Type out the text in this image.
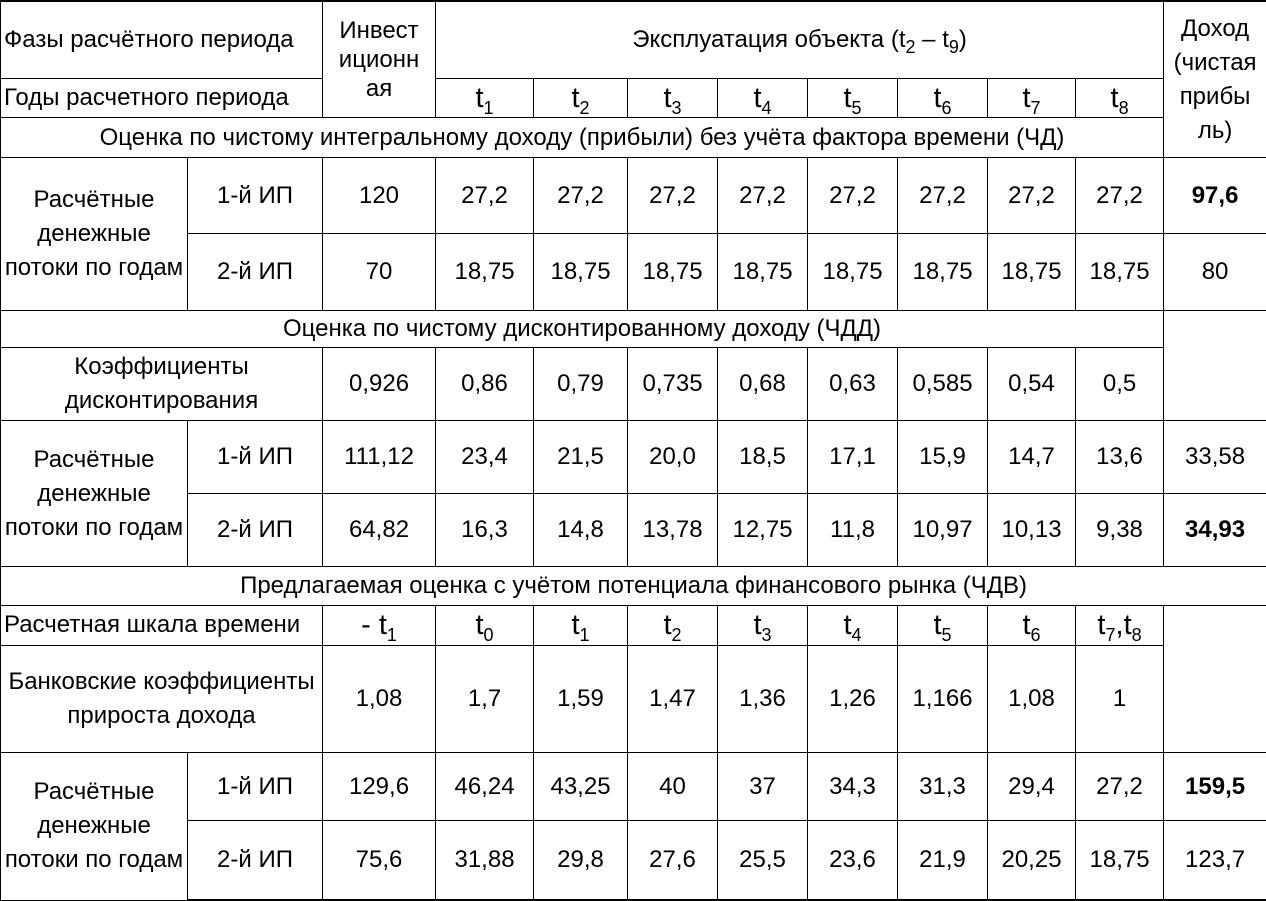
Фазы расчётного периода		Инвест иционн ая	Эксплуатация объекта $(t_2 - t_9)$								Доход (чистая прибы ль)
Годы расчетного периода			$t_1$	$t_2$	$t_3$	$t_4$	$t_5$	$t_6$	$t_7$	$t_8$
Оценка по чистому интегральному доходу (прибыли) без учёта фактора времени (ЧД)											
Расчётные денежные потоки по годам	1-й ИП	120	27,2	27,2	27,2	27,2	27,2	27,2	27,2	27,2	97,6
	2-й ИП	70	18,75	18,75	18,75	18,75	18,75	18,75	18,75	18,75	80
Оценка по чистому дисконтированному доходу (ЧДД)											
Коэффициенты дисконтирования		0,926	0,86	0,79	0,735	0,68	0,63	0,585	0,54	0,5	
Расчётные денежные потоки по годам	1-й ИП	111,12	23,4	21,5	20,0	18,5	17,1	15,9	14,7	13,6	33,58
	2-й ИП	64,82	16,3	14,8	13,78	12,75	11,8	10,97	10,13	9,38	34,93
Предлагаемая оценка с учётом потенциала финансового рынка (ЧДВ)											
Расчетная шкала времени		- $t_1$	$t_0$	$t_1$	$t_2$	$t_3$	$t_4$	$t_5$	$t_6$	$t_7,t_8$	
Банковские коэффициенты прироста дохода		1,08	1,7	1,59	1,47	1,36	1,26	1,166	1,08	1	
Расчётные денежные потоки по годам	1-й ИП	129,6	46,24	43,25	40	37	34,3	31,3	29,4	27,2	159,5
	2-й ИП	75,6	31,88	29,8	27,6	25,5	23,6	21,9	20,25	18,75	123,7
